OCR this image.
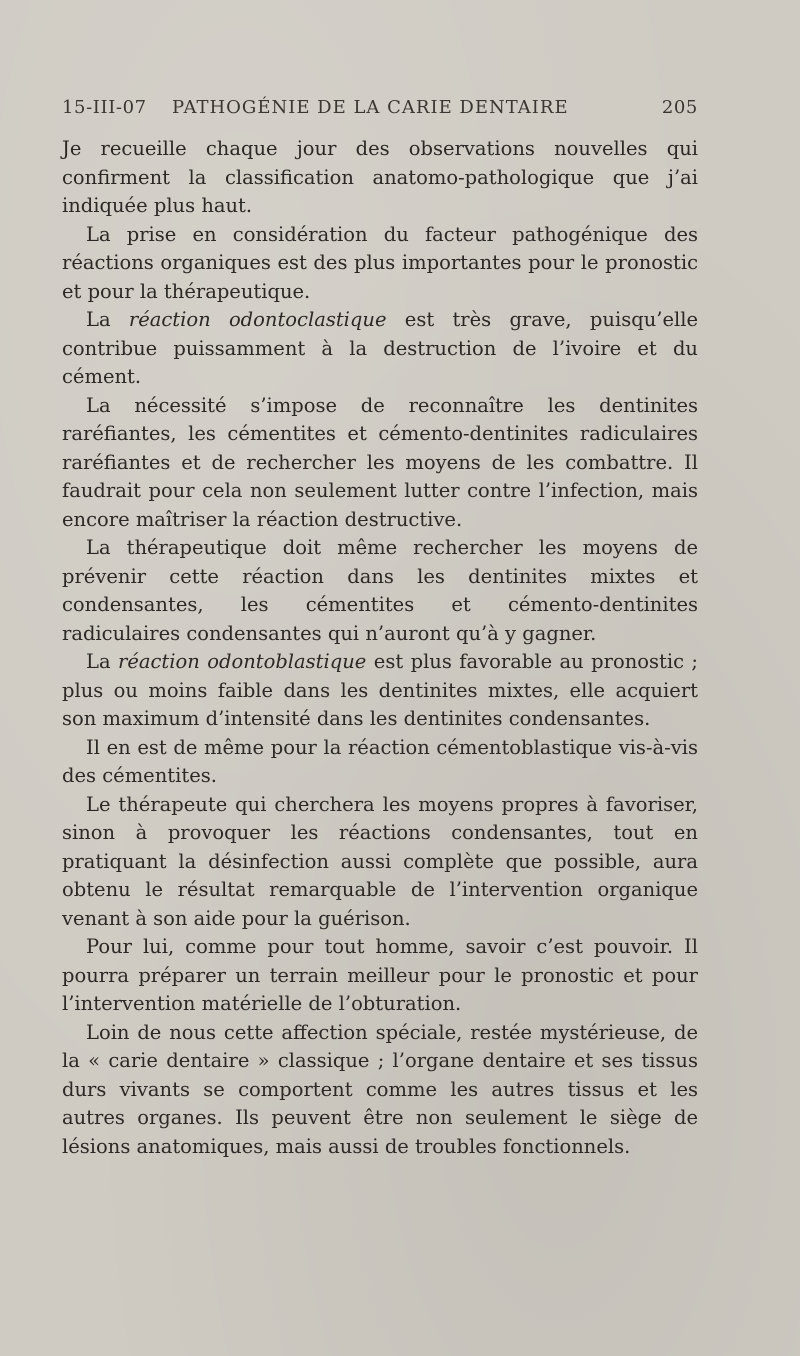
15-III-07 PATHOGÉNIE DE LA CARIE DENTAIRE	205

Je recueille chaque jour des observations nouvelles qui confirment la classification anatomo-pathologique que j’ai indiquée plus haut.

La prise en considération du facteur pathogénique des réactions organiques est des plus importantes pour le pronostic et pour la thérapeutique.

La réaction odontoclastique est très grave, puisqu’elle contribue puissamment à la destruction de l’ivoire et du cément.

La nécessité s’impose de reconnaître les dentinites raréfiantes, les cémentites et cémento-dentinites radiculaires raréfiantes et de rechercher les moyens de les combattre. Il faudrait pour cela non seulement lutter contre l’infection, mais encore maîtriser la réaction destructive.

La thérapeutique doit même rechercher les moyens de prévenir cette réaction dans les dentinites mixtes et condensantes, les cémentites et cémento-dentinites radiculaires condensantes qui n’auront qu’à y gagner.

La réaction odontoblastique est plus favorable au pronostic ; plus ou moins faible dans les dentinites mixtes, elle acquiert son maximum d’intensité dans les dentinites condensantes.

Il en est de même pour la réaction cémentoblastique vis-à-vis des cémentites.

Le thérapeute qui cherchera les moyens propres à favoriser, sinon à provoquer les réactions condensantes, tout en pratiquant la désinfection aussi complète que possible, aura obtenu le résultat remarquable de l’intervention organique venant à son aide pour la guérison.

Pour lui, comme pour tout homme, savoir c’est pouvoir. Il pourra préparer un terrain meilleur pour le pronostic et pour l’intervention matérielle de l’obturation.

Loin de nous cette affection spéciale, restée mystérieuse, de la « carie dentaire » classique ; l’organe dentaire et ses tissus durs vivants se comportent comme les autres tissus et les autres organes. Ils peuvent être non seulement le siège de lésions anatomiques, mais aussi de troubles fonctionnels.
